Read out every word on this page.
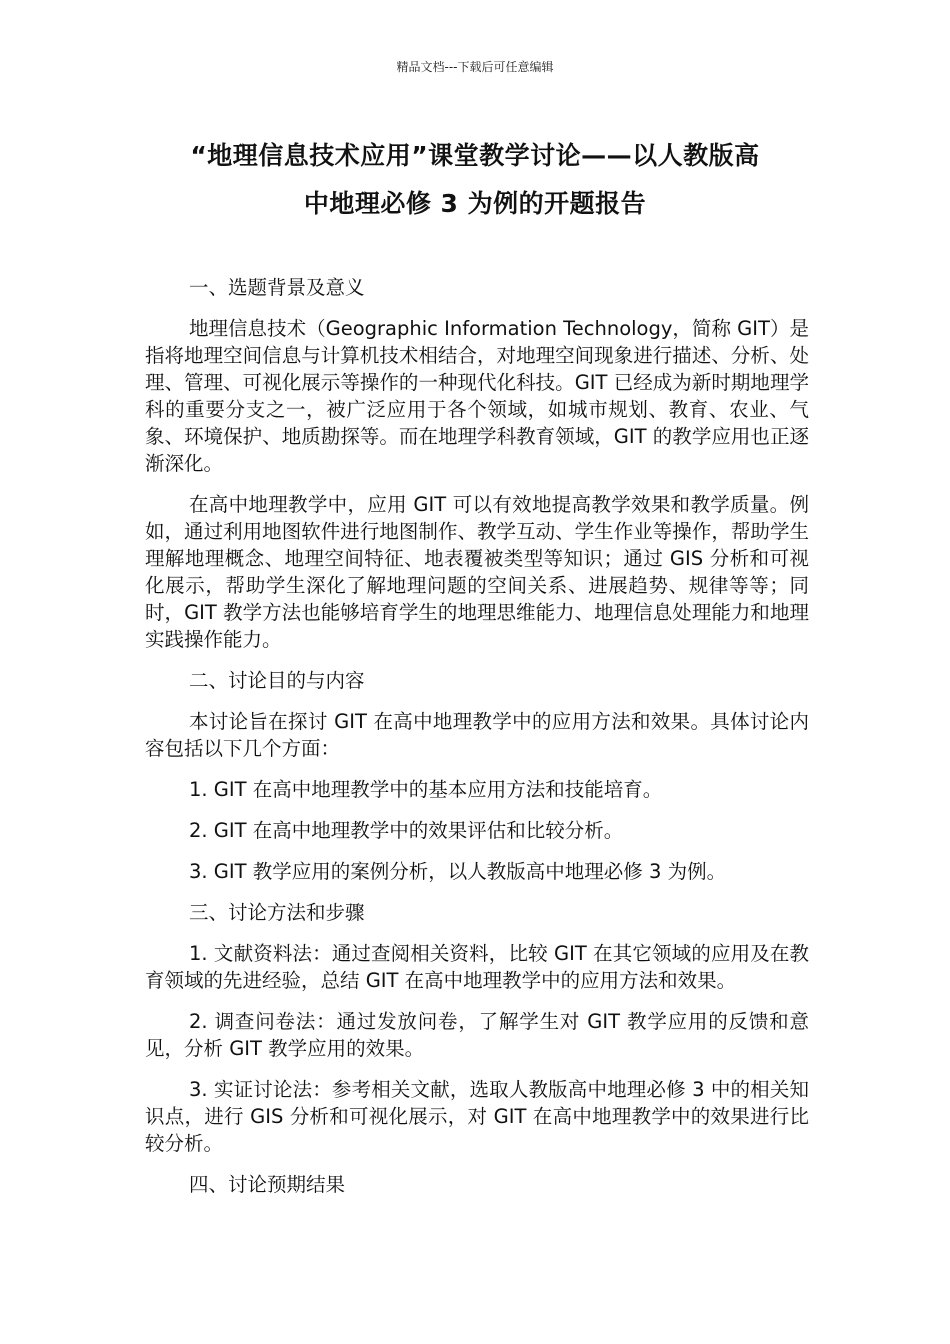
精品文档---下载后可任意编辑
“地理信息技术应用”课堂教学讨论——以人教版高
中地理必修 3 为例的开题报告

一、选题背景及意义

地理信息技术（Geographic Information Technology，简称 GIT）是指将地理空间信息与计算机技术相结合，对地理空间现象进行描述、分析、处理、管理、可视化展示等操作的一种现代化科技。GIT 已经成为新时期地理学科的重要分支之一，被广泛应用于各个领域，如城市规划、教育、农业、气象、环境保护、地质勘探等。而在地理学科教育领域，GIT 的教学应用也正逐渐深化。

在高中地理教学中，应用 GIT 可以有效地提高教学效果和教学质量。例如，通过利用地图软件进行地图制作、教学互动、学生作业等操作，帮助学生理解地理概念、地理空间特征、地表覆被类型等知识；通过 GIS 分析和可视化展示，帮助学生深化了解地理问题的空间关系、进展趋势、规律等等；同时，GIT 教学方法也能够培育学生的地理思维能力、地理信息处理能力和地理实践操作能力。

二、讨论目的与内容

本讨论旨在探讨 GIT 在高中地理教学中的应用方法和效果。具体讨论内容包括以下几个方面：

1. GIT 在高中地理教学中的基本应用方法和技能培育。

2. GIT 在高中地理教学中的效果评估和比较分析。

3. GIT 教学应用的案例分析，以人教版高中地理必修 3 为例。

三、讨论方法和步骤

1. 文献资料法：通过查阅相关资料，比较 GIT 在其它领域的应用及在教育领域的先进经验，总结 GIT 在高中地理教学中的应用方法和效果。

2. 调查问卷法：通过发放问卷，了解学生对 GIT 教学应用的反馈和意见，分析 GIT 教学应用的效果。

3. 实证讨论法：参考相关文献，选取人教版高中地理必修 3 中的相关知识点，进行 GIS 分析和可视化展示，对 GIT 在高中地理教学中的效果进行比较分析。

四、讨论预期结果
